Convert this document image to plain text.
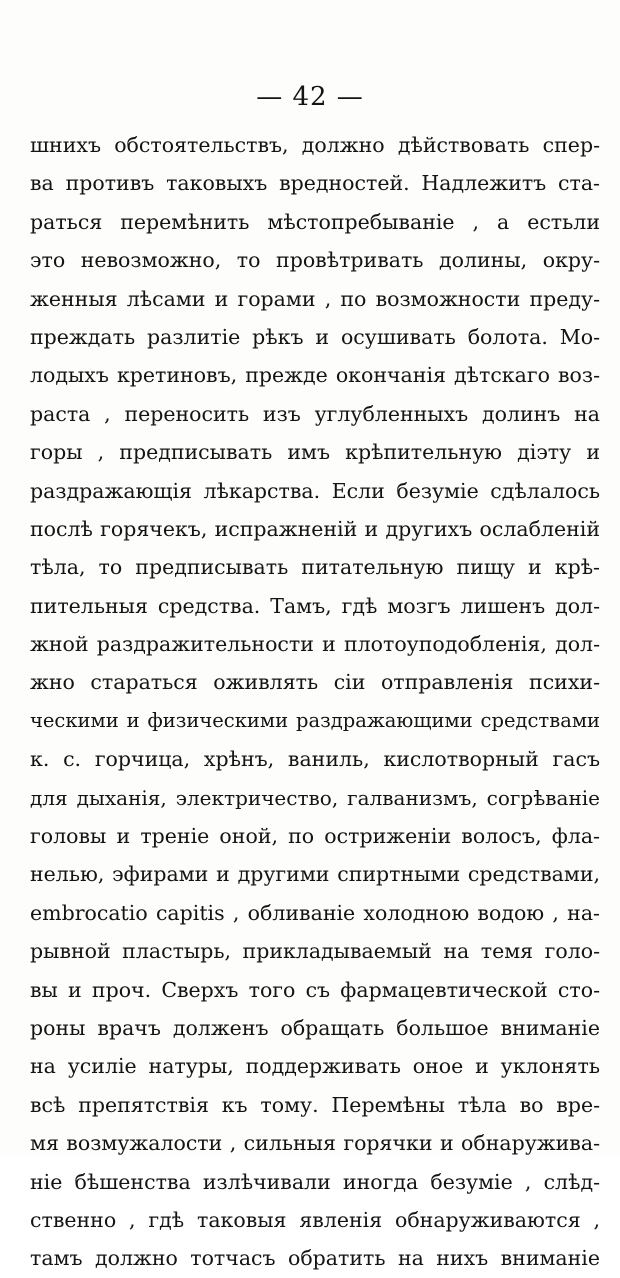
— 42 —
шнихъ обстоятельствъ, должно дѣйствовать спер-
ва противъ таковыхъ вредностей. Надлежитъ ста-
раться перемѣнить мѣстопребываніе , а естьли
это невозможно, то провѣтривать долины, окру-
женныя лѣсами и горами , по возможности преду-
преждать разлитіе рѣкъ и осушивать болота. Мо-
лодыхъ кретиновъ, прежде окончанія дѣтскаго воз-
раста , переносить изъ углубленныхъ долинъ на
горы , предписывать имъ крѣпительную діэту и
раздражающія лѣкарства. Если безуміе сдѣлалось
послѣ горячекъ, испражненій и другихъ ослабленій
тѣла, то предписывать питательную пищу и крѣ-
пительныя средства. Тамъ, гдѣ мозгъ лишенъ дол-
жной раздражительности и плотоуподобленія, дол-
жно стараться оживлять сіи отправленія психи-
ческими и физическими раздражающими средствами
к. с. горчица, хрѣнъ, ваниль, кислотворный гасъ
для дыханія, электричество, галванизмъ, согрѣваніе
головы и треніе оной, по остриженіи волосъ, фла-
нелью, эфирами и другими спиртными средствами,
embrocatio capitis , обливаніе холодною водою , на-
рывной пластырь, прикладываемый на темя голо-
вы и проч. Сверхъ того съ фармацевтической сто-
роны врачъ долженъ обращать большое вниманіе
на усиліе натуры, поддерживать оное и уклонять
всѣ препятствія къ тому. Перемѣны тѣла во вре-
мя возмужалости , сильныя горячки и обнаружива-
ніе бѣшенства излѣчивали иногда безуміе , слѣд-
ственно , гдѣ таковыя явленія обнаруживаются ,
тамъ должно тотчасъ обратить на нихъ вниманіе
